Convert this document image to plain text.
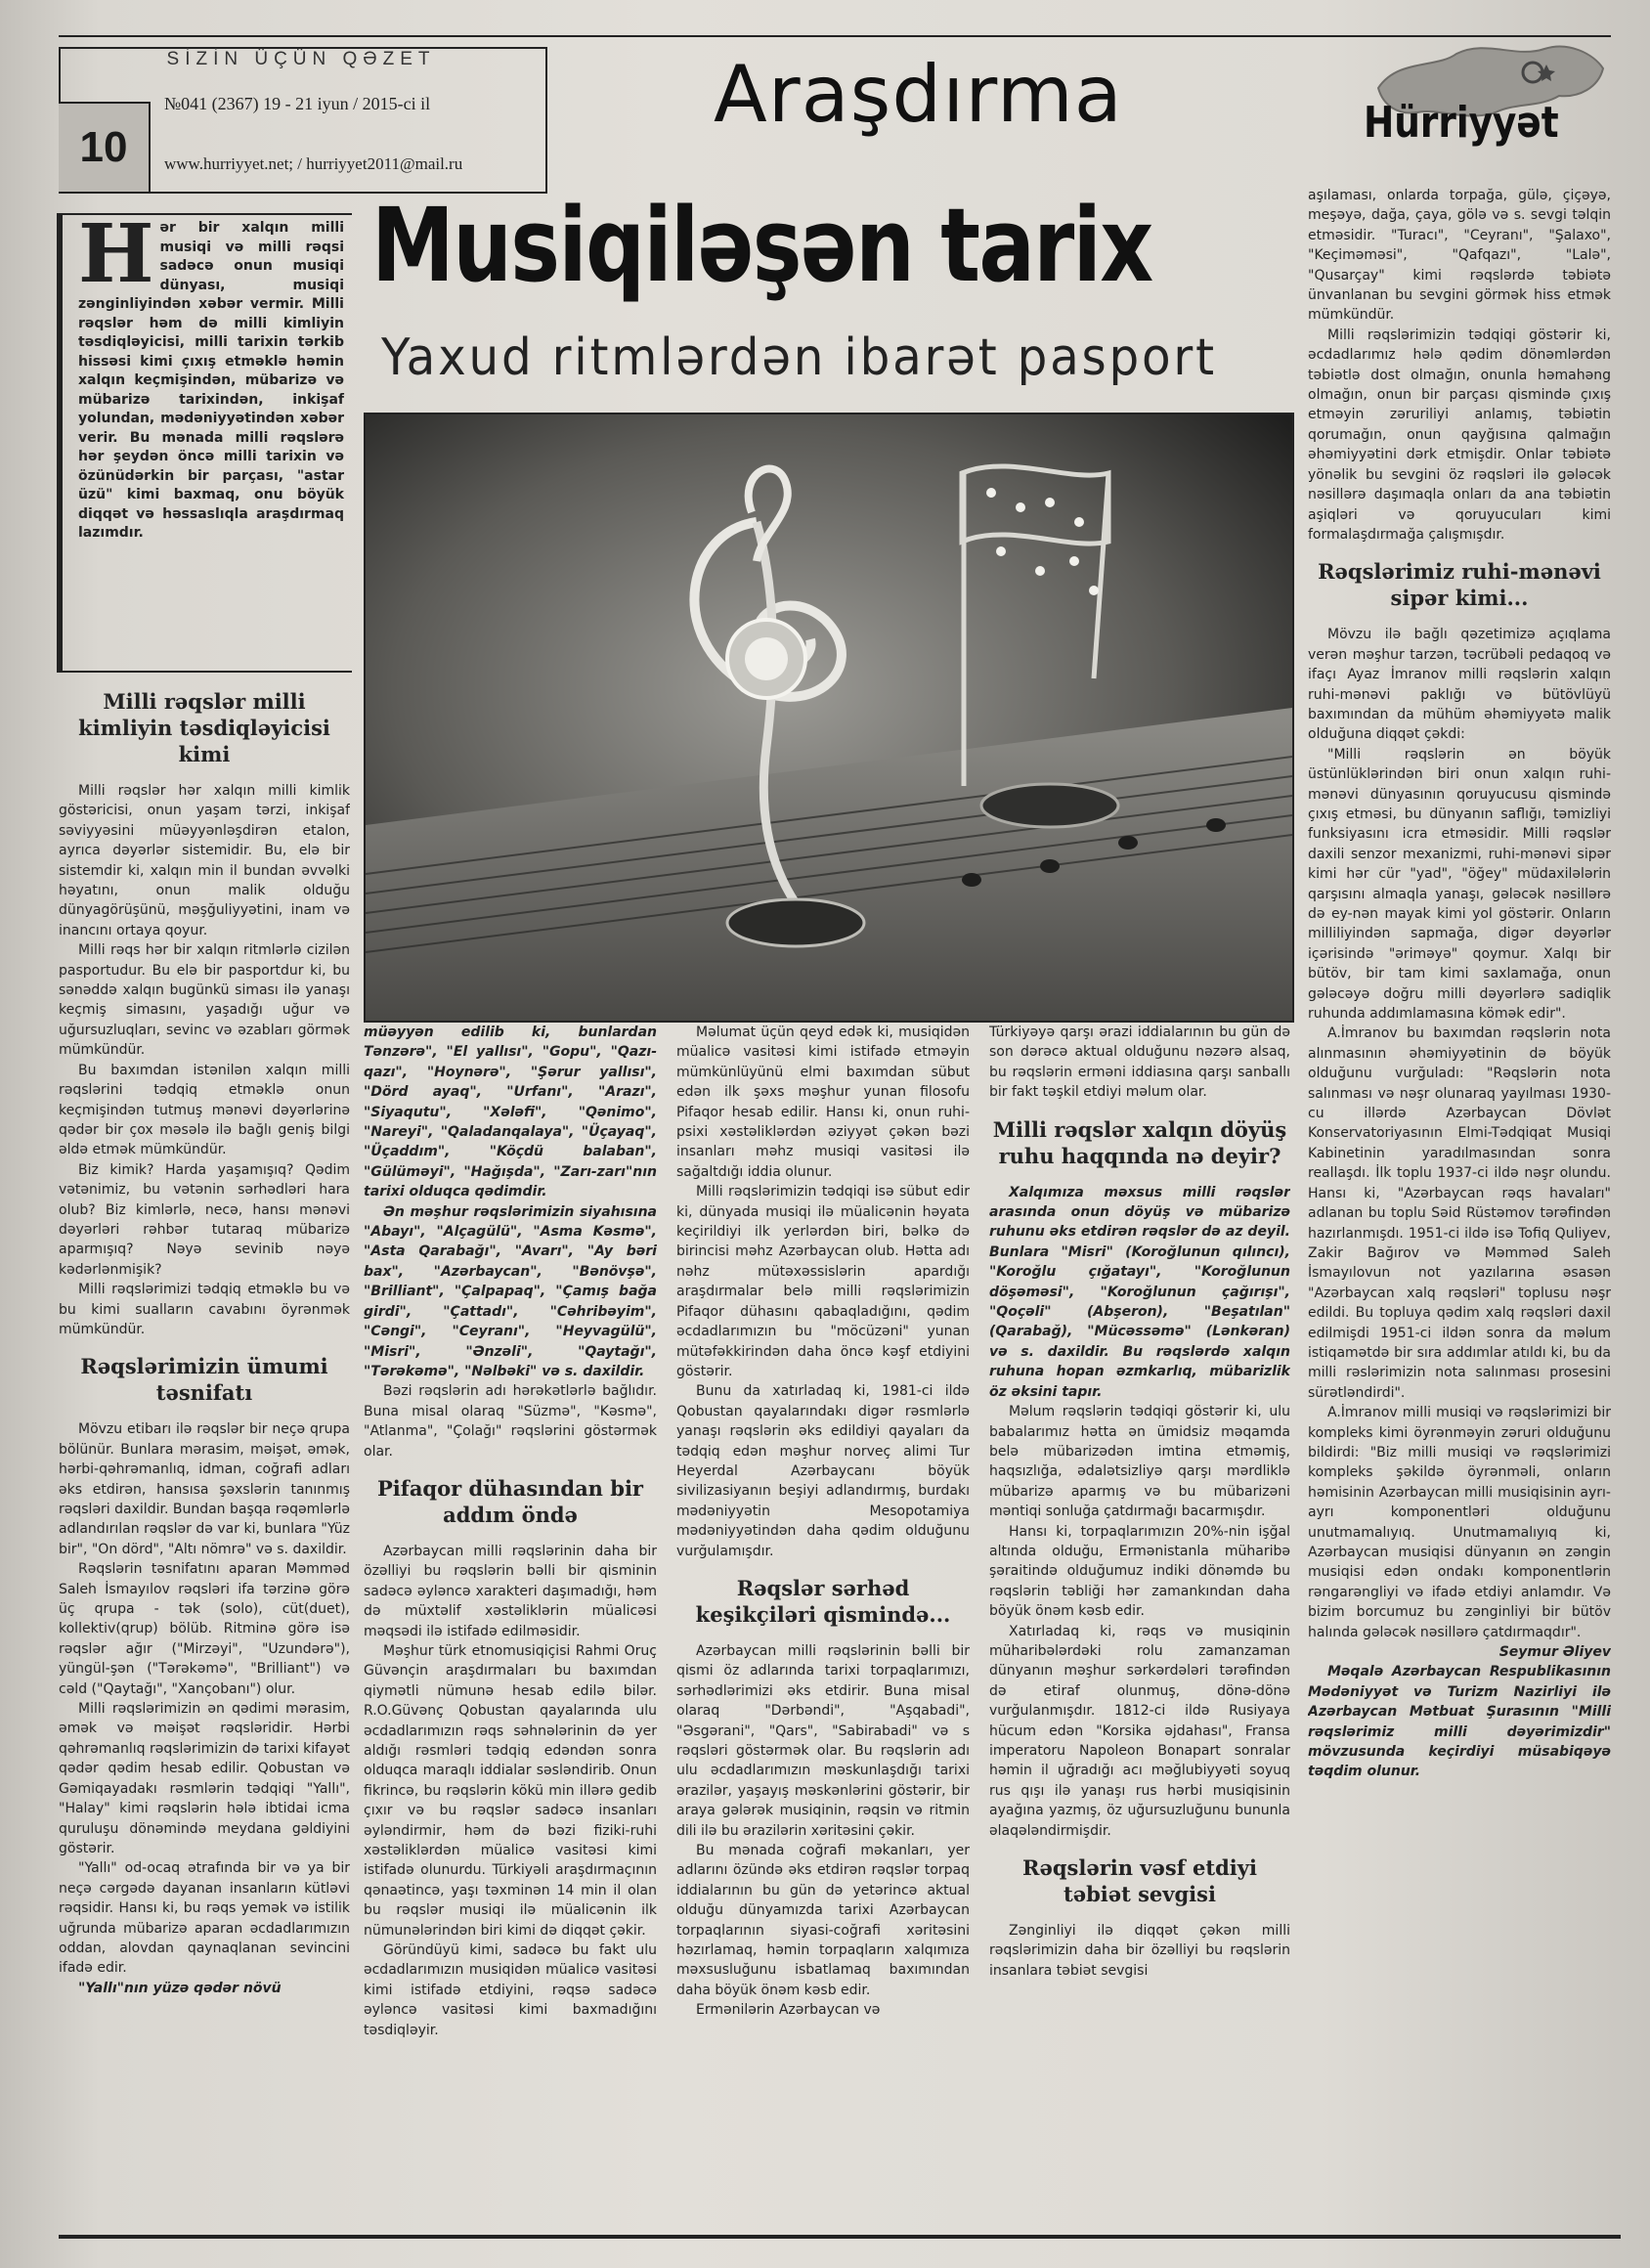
SİZİN ÜÇÜN QƏZET
10
№041 (2367) 19 - 21 iyun / 2015-ci il
www.hurriyyet.net; / hurriyyet2011@mail.ru
Araşdırma	Hürriyyət
Musiqiləşən tarix
Yaxud ritmlərdən ibarət pasport
H ər bir xalqın milli musiqi və milli rəqsi sadəcə onun musiqi dünyası, musiqi zənginliyindən xəbər vermir. Milli rəqslər həm də milli kimliyin təsdiqləyicisi, milli tarixin tərkib hissəsi kimi çıxış etməklə həmin xalqın keçmişindən, mübarizə və mübarizə tarixindən, inkişaf yolundan, mədəniyyətindən xəbər verir. Bu mənada milli rəqslərə hər şeydən öncə milli tarixin və özünüdərkin bir parçası, "astar üzü" kimi baxmaq, onu böyük diqqət və həssaslıqla araşdırmaq lazımdır.
Milli rəqslər milli kimliyin təsdiqləyicisi kimi

Milli rəqslər hər xalqın milli kimlik göstəricisi, onun yaşam tərzi, inkişaf səviyyəsini müəyyənləşdirən etalon, ayrıca dəyərlər sistemidir. Bu, elə bir sistemdir ki, xalqın min il bundan əvvəlki həyatını, onun malik olduğu dünyagörüşünü, məşğuliyyətini, inam və inancını ortaya qoyur.

Milli rəqs hər bir xalqın ritmlərlə cizilən pasportudur. Bu elə bir pasportdur ki, bu sənəddə xalqın bugünkü siması ilə yanaşı keçmiş simasını, yaşadığı uğur və uğursuzluqları, sevinc və əzabları görmək mümkündür.

Bu baxımdan istənilən xalqın milli rəqslərini tədqiq etməklə onun keçmişindən tutmuş mənəvi dəyərlərinə qədər bir çox məsələ ilə bağlı geniş bilgi əldə etmək mümkündür.

Biz kimik? Harda yaşamışıq? Qədim vətənimiz, bu vətənin sərhədləri hara olub? Biz kimlərlə, necə, hansı mənəvi dəyərləri rəhbər tutaraq mübarizə aparmışıq? Nəyə sevinib nəyə kədərlənmişik?

Milli rəqslərimizi tədqiq etməklə bu və bu kimi sualların cavabını öyrənmək mümkündür.

Rəqslərimizin ümumi təsnifatı

Mövzu etibarı ilə rəqslər bir neçə qrupa bölünür. Bunlara mərasim, məişət, əmək, hərbi-qəhrəmanlıq, idman, coğrafi adları əks etdirən, hansısa şəxslərin tanınmış rəqsləri daxildir. Bundan başqa rəqəmlərlə adlandırılan rəqslər də var ki, bunlara "Yüz bir", "On dörd", "Altı nömrə" və s. daxildir.

Rəqslərin təsnifatını aparan Məmməd Saleh İsmayılov rəqsləri ifa tərzinə görə üç qrupa - tək (solo), cüt(duet), kollektiv(qrup) bölüb. Ritminə görə isə rəqslər ağır ("Mirzəyi", "Uzundərə"), yüngül-şən ("Tərəkəmə", "Brilliant") və cəld ("Qaytağı", "Xançobanı") olur.

Milli rəqslərimizin ən qədimi mərasim, əmək və məişət rəqsləridir. Hərbi qəhrəmanlıq rəqslərimizin də tarixi kifayət qədər qədim hesab edilir. Qobustan və Gəmiqayadakı rəsmlərin tədqiqi "Yallı", "Halay" kimi rəqslərin hələ ibtidai icma quruluşu dönəmində meydana gəldiyini göstərir.

"Yallı" od-ocaq ətrafında bir və ya bir neçə cərgədə dayanan insanların kütləvi rəqsidir. Hansı ki, bu rəqs yemək və istilik uğrunda mübarizə aparan əcdadlarımızın oddan, alovdan qaynaqlanan sevincini ifadə edir.

"Yallı"nın yüzə qədər növü

müəyyən edilib ki, bunlardan Tənzərə", "El yallısı", "Gopu", "Qazı-qazı", "Hoynərə", "Şərur yallısı", "Dörd ayaq", "Urfanı", "Arazı", "Siyaqutu", "Xələfi", "Qənimo", "Nareyi", "Qaladanqalaya", "Üçayaq", "Üçaddım", "Köçdü balaban", "Gülüməyi", "Hağışda", "Zarı-zarı"nın tarixi olduqca qədimdir.

Ən məşhur rəqslərimizin siyahısına "Abayı", "Alçagülü", "Asma Kəsmə", "Asta Qarabağı", "Avarı", "Ay bəri bax", "Azərbaycan", "Bənövşə", "Brilliant", "Çalpapaq", "Çamış bağa girdi", "Çattadı", "Cəhribəyim", "Cəngi", "Ceyranı", "Heyvagülü", "Misri", "Ənzəli", "Qaytağı", "Tərəkəmə", "Nəlbəki" və s. daxildir.

Bəzi rəqslərin adı hərəkətlərlə bağlıdır. Buna misal olaraq "Süzmə", "Kəsmə", "Atlanma", "Çolağı" rəqslərini göstərmək olar.

Pifaqor dühasından bir addım öndə

Azərbaycan milli rəqslərinin daha bir özəlliyi bu rəqslərin bəlli bir qisminin sadəcə əyləncə xarakteri daşımadığı, həm də müxtəlif xəstəliklərin müalicəsi məqsədi ilə istifadə edilməsidir.

Məşhur türk etnomusiqiçisi Rahmi Oruç Güvənçin araşdırmaları bu baxımdan qiymətli nümunə hesab edilə bilər. R.O.Güvənç Qobustan qayalarında ulu əcdadlarımızın rəqs səhnələrinin də yer aldığı rəsmləri tədqiq edəndən sonra olduqca maraqlı iddialar səsləndirib. Onun fikrincə, bu rəqslərin kökü min illərə gedib çıxır və bu rəqslər sadəcə insanları əyləndirmir, həm də bəzi fiziki-ruhi xəstəliklərdən müalicə vasitəsi kimi istifadə olunurdu. Türkiyəli araşdırmaçının qənaətincə, yaşı təxminən 14 min il olan bu rəqslər musiqi ilə müalicənin ilk nümunələrindən biri kimi də diqqət çəkir.

Göründüyü kimi, sadəcə bu fakt ulu əcdadlarımızın musiqidən müalicə vasitəsi kimi istifadə etdiyini, rəqsə sadəcə əyləncə vasitəsi kimi baxmadığını təsdiqləyir.

Məlumat üçün qeyd edək ki, musiqidən müalicə vasitəsi kimi istifadə etməyin mümkünlüyünü elmi baxımdan sübut edən ilk şəxs məşhur yunan filosofu Pifaqor hesab edilir. Hansı ki, onun ruhi-psixi xəstəliklərdən əziyyət çəkən bəzi insanları məhz musiqi vasitəsi ilə sağaltdığı iddia olunur.

Milli rəqslərimizin tədqiqi isə sübut edir ki, dünyada musiqi ilə müalicənin həyata keçirildiyi ilk yerlərdən biri, bəlkə də birincisi məhz Azərbaycan olub. Hətta adı nəhz mütəxəssislərin apardığı araşdırmalar belə milli rəqslərimizin Pifaqor dühasını qabaqladığını, qədim əcdadlarımızın bu "möcüzəni" yunan mütəfəkkirindən daha öncə kəşf etdiyini göstərir.

Bunu da xatırladaq ki, 1981-ci ildə Qobustan qayalarındakı digər rəsmlərlə yanaşı rəqslərin əks edildiyi qayaları da tədqiq edən məşhur norveç alimi Tur Heyerdal Azərbaycanı böyük sivilizasiyanın beşiyi adlandırmış, burdakı mədəniyyətin Mesopotamiya mədəniyyətindən daha qədim olduğunu vurğulamışdır.

Rəqslər sərhəd keşikçiləri qismində...

Azərbaycan milli rəqslərinin bəlli bir qismi öz adlarında tarixi torpaqlarımızı, sərhədlərimizi əks etdirir. Buna misal olaraq "Dərbəndi", "Aşqabadi", "Əsgərani", "Qars", "Sabirabadi" və s rəqsləri göstərmək olar. Bu rəqslərin adı ulu əcdadlarımızın məskunlaşdığı tarixi ərazilər, yaşayış məskənlərini göstərir, bir araya gələrək musiqinin, rəqsin və ritmin dili ilə bu ərazilərin xəritəsini çəkir.

Bu mənada coğrafi məkanları, yer adlarını özündə əks etdirən rəqslər torpaq iddialarının bu gün də yetərincə aktual olduğu dünyamızda tarixi Azərbaycan torpaqlarının siyasi-coğrafi xəritəsini həzırlamaq, həmin torpaqların xalqımıza məxsusluğunu isbatlamaq baxımından daha böyük önəm kəsb edir.

Ermənilərin Azərbaycan və

Türkiyəyə qarşı ərazi iddialarının bu gün də son dərəcə aktual olduğunu nəzərə alsaq, bu rəqslərin erməni iddiasına qarşı sanballı bir fakt təşkil etdiyi məlum olar.

Milli rəqslər xalqın döyüş ruhu haqqında nə deyir?

Xalqımıza məxsus milli rəqslər arasında onun döyüş və mübarizə ruhunu əks etdirən rəqslər də az deyil. Bunlara "Misri" (Koroğlunun qılıncı), "Koroğlu çığatayı", "Koroğlunun döşəməsi", "Koroğlunun çağırışı", "Qoçəli" (Abşeron), "Beşatılan" (Qarabağ), "Mücəssəmə" (Lənkəran) və s. daxildir. Bu rəqslərdə xalqın ruhuna hopan əzmkarlıq, mübarizlik öz əksini tapır.

Məlum rəqslərin tədqiqi göstərir ki, ulu babalarımız hətta ən ümidsiz məqamda belə mübarizədən imtina etməmiş, haqsızlığa, ədalətsizliyə qarşı mərdliklə mübarizə aparmış və bu mübarizəni məntiqi sonluğa çatdırmağı bacarmışdır.

Hansı ki, torpaqlarımızın 20%-nin işğal altında olduğu, Ermənistanla müharibə şəraitində olduğumuz indiki dönəmdə bu rəqslərin təbliği hər zamankından daha böyük önəm kəsb edir.

Xatırladaq ki, rəqs və musiqinin müharibələrdəki rolu zamanzaman dünyanın məşhur sərkərdələri tərəfindən də etiraf olunmuş, dönə-dönə vurğulanmışdır. 1812-ci ildə Rusiyaya hücum edən "Korsika əjdahası", Fransa imperatoru Napoleon Bonapart sonralar həmin il uğradığı acı məğlubiyyəti soyuq rus qışı ilə yanaşı rus hərbi musiqisinin ayağına yazmış, öz uğursuzluğunu bununla əlaqələndirmişdir.

Rəqslərin vəsf etdiyi təbiət sevgisi

Zənginliyi ilə diqqət çəkən milli rəqslərimizin daha bir özəlliyi bu rəqslərin insanlara təbiət sevgisi

aşılaması, onlarda torpağa, gülə, çiçəyə, meşəyə, dağa, çaya, gölə və s. sevgi təlqin etməsidir. "Turacı", "Ceyranı", "Şalaxo", "Keçiməməsi", "Qafqazı", "Lalə", "Qusarçay" kimi rəqslərdə təbiətə ünvanlanan bu sevgini görmək hiss etmək mümkündür.

Milli rəqslərimizin tədqiqi göstərir ki, əcdadlarımız hələ qədim dönəmlərdən təbiətlə dost olmağın, onunla həmahəng olmağın, onun bir parçası qismində çıxış etməyin zəruriliyi anlamış, təbiətin qorumağın, onun qayğısına qalmağın əhəmiyyətini dərk etmişdir. Onlar təbiətə yönəlik bu sevgini öz rəqsləri ilə gələcək nəsillərə daşımaqla onları da ana təbiətin aşiqləri və qoruyucuları kimi formalaşdırmağa çalışmışdır.

Rəqslərimiz ruhi-mənəvi sipər kimi...

Mövzu ilə bağlı qəzetimizə açıqlama verən məşhur tarzən, təcrübəli pedaqoq və ifaçı Ayaz İmranov milli rəqslərin xalqın ruhi-mənəvi paklığı və bütövlüyü baxımından da mühüm əhəmiyyətə malik olduğuna diqqət çəkdi:

"Milli rəqslərin ən böyük üstünlüklərindən biri onun xalqın ruhi-mənəvi dünyasının qoruyucusu qismində çıxış etməsi, bu dünyanın saflığı, təmizliyi funksiyasını icra etməsidir. Milli rəqslər daxili senzor mexanizmi, ruhi-mənəvi sipər kimi hər cür "yad", "öğey" müdaxilələrin qarşısını almaqla yanaşı, gələcək nəsillərə də ey-nən mayak kimi yol göstərir. Onların milliliyindən sapmağa, digər dəyərlər içərisində "əriməyə" qoymur. Xalqı bir bütöv, bir tam kimi saxlamağa, onun gələcəyə doğru milli dəyərlərə sadiqlik ruhunda addımlamasına kömək edir".

A.İmranov bu baxımdan rəqslərin nota alınmasının əhəmiyyətinin də böyük olduğunu vurğuladı: "Rəqslərin nota salınması və nəşr olunaraq yayılması 1930-cu illərdə Azərbaycan Dövlət Konservatoriyasının Elmi-Tədqiqat Musiqi Kabinetinin yaradılmasından sonra reallaşdı. İlk toplu 1937-ci ildə nəşr olundu. Hansı ki, "Azərbaycan rəqs havaları" adlanan bu toplu Səid Rüstəmov tərəfindən hazırlanmışdı. 1951-ci ildə isə Tofiq Quliyev, Zakir Bağırov və Məmməd Saleh İsmayılovun not yazılarına əsasən "Azərbaycan xalq rəqsləri" toplusu nəşr edildi. Bu topluya qədim xalq rəqsləri daxil edilmişdi 1951-ci ildən sonra da məlum istiqamətdə bir sıra addımlar atıldı ki, bu da milli rəslərimizin nota salınması prosesini sürətləndirdi".

A.İmranov milli musiqi və rəqslərimizi bir kompleks kimi öyrənməyin zəruri olduğunu bildirdi: "Biz milli musiqi və rəqslərimizi kompleks şəkildə öyrənməli, onların həmisinin Azərbaycan milli musiqisinin ayrı-ayrı komponentləri olduğunu unutmamalıyıq. Unutmamalıyıq ki, Azərbaycan musiqisi dünyanın ən zəngin musiqisi edən ondakı komponentlərin rəngarəngliyi və ifadə etdiyi anlamdır. Və bizim borcumuz bu zənginliyi bir bütöv halında gələcək nəsillərə çatdırmaqdır".

Seymur Əliyev

Məqalə Azərbaycan Respublikasının Mədəniyyət və Turizm Nazirliyi ilə Azərbaycan Mətbuat Şurasının "Milli rəqslərimiz milli dəyərimizdir" mövzusunda keçirdiyi müsabiqəyə təqdim olunur.
